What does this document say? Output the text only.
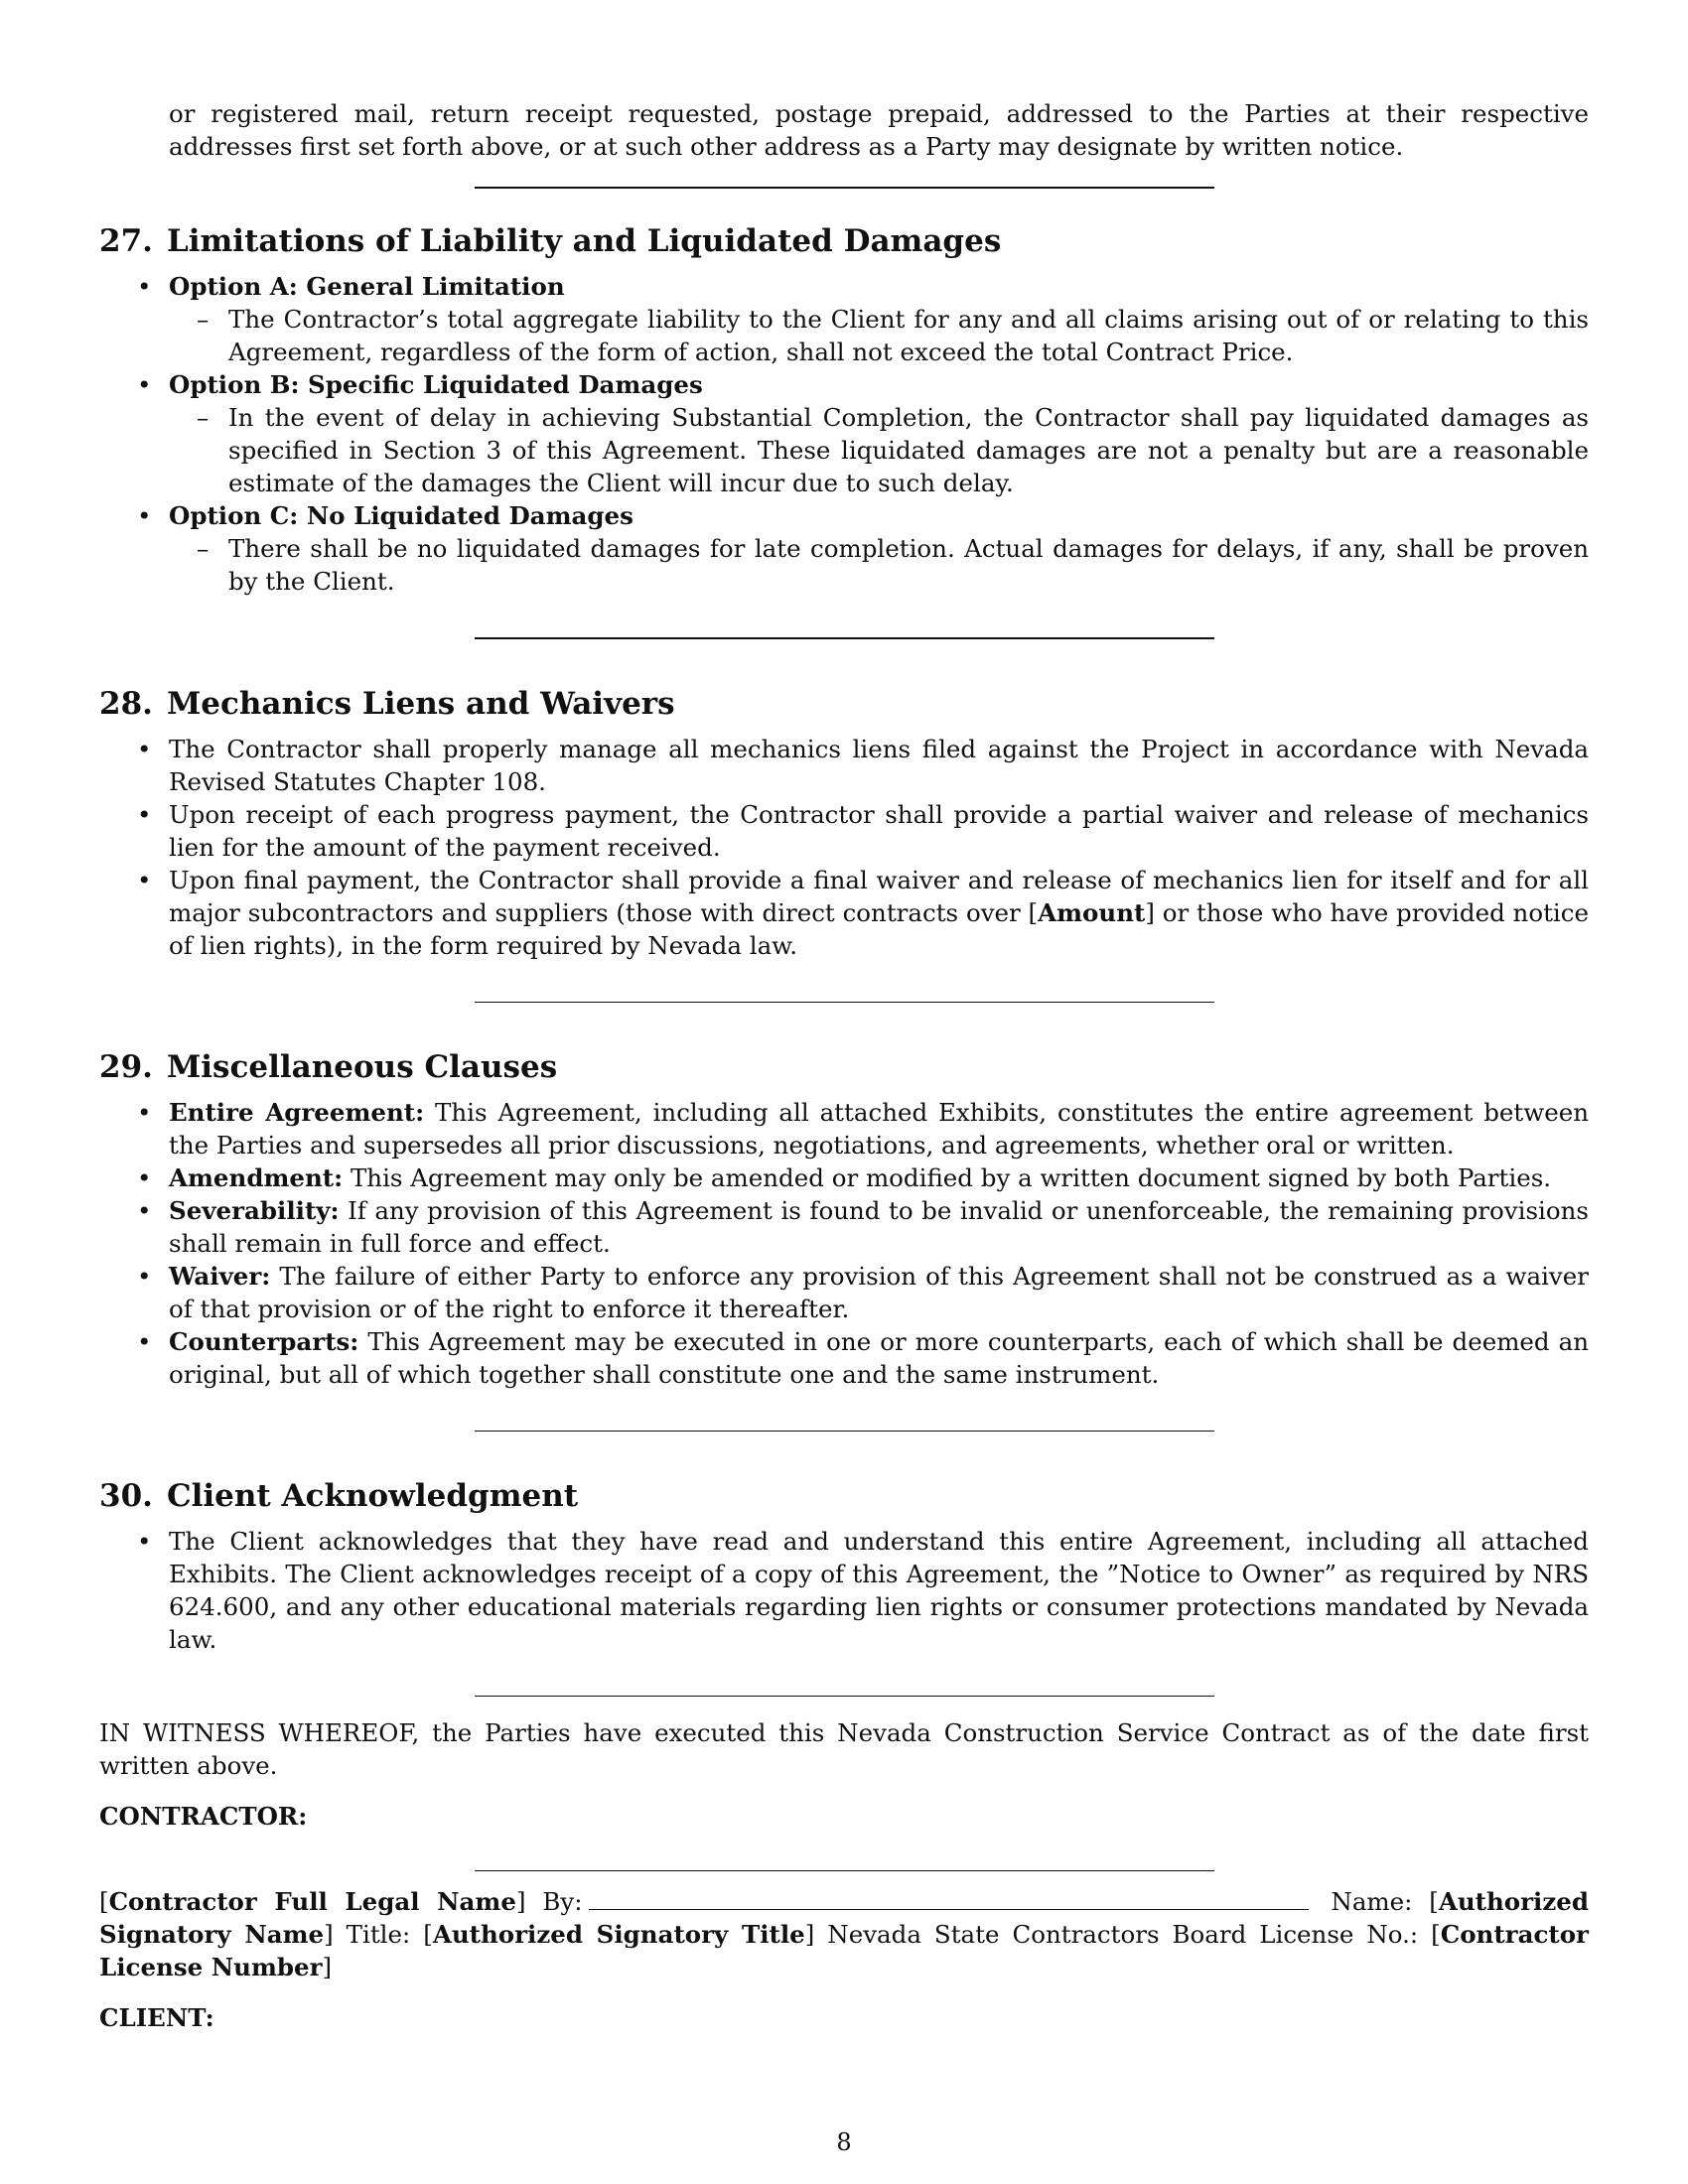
or registered mail, return receipt requested, postage prepaid, addressed to the Parties at their respective addresses first set forth above, or at such other address as a Party may designate by written notice.

27. Limitations of Liability and Liquidated Damages
• Option A: General Limitation
– The Contractor’s total aggregate liability to the Client for any and all claims arising out of or relating to this Agreement, regardless of the form of action, shall not exceed the total Contract Price.
• Option B: Specific Liquidated Damages
– In the event of delay in achieving Substantial Completion, the Contractor shall pay liquidated damages as specified in Section 3 of this Agreement. These liquidated damages are not a penalty but are a reasonable estimate of the damages the Client will incur due to such delay.
• Option C: No Liquidated Damages
– There shall be no liquidated damages for late completion. Actual damages for delays, if any, shall be proven by the Client.
28. Mechanics Liens and Waivers
• The Contractor shall properly manage all mechanics liens filed against the Project in accordance with Nevada Revised Statutes Chapter 108.
• Upon receipt of each progress payment, the Contractor shall provide a partial waiver and release of mechanics lien for the amount of the payment received.
• Upon final payment, the Contractor shall provide a final waiver and release of mechanics lien for itself and for all major subcontractors and suppliers (those with direct contracts over [Amount] or those who have provided notice of lien rights), in the form required by Nevada law.
29. Miscellaneous Clauses
• Entire Agreement: This Agreement, including all attached Exhibits, constitutes the entire agreement between the Parties and supersedes all prior discussions, negotiations, and agreements, whether oral or written.
• Amendment: This Agreement may only be amended or modified by a written document signed by both Parties.
• Severability: If any provision of this Agreement is found to be invalid or unenforceable, the remaining provisions shall remain in full force and effect.
• Waiver: The failure of either Party to enforce any provision of this Agreement shall not be construed as a waiver of that provision or of the right to enforce it thereafter.
• Counterparts: This Agreement may be executed in one or more counterparts, each of which shall be deemed an original, but all of which together shall constitute one and the same instrument.
30. Client Acknowledgment
• The Client acknowledges that they have read and understand this entire Agreement, including all attached Exhibits. The Client acknowledges receipt of a copy of this Agreement, the ”Notice to Owner” as required by NRS 624.600, and any other educational materials regarding lien rights or consumer protections mandated by Nevada law.

IN WITNESS WHEREOF, the Parties have executed this Nevada Construction Service Contract as of the date first written above.

CONTRACTOR:

[Contractor Full Legal Name] By:	Name: [Authorized Signatory Name] Title: [Authorized Signatory Title] Nevada State Contractors Board License No.: [Contractor License Number]

CLIENT:

8
